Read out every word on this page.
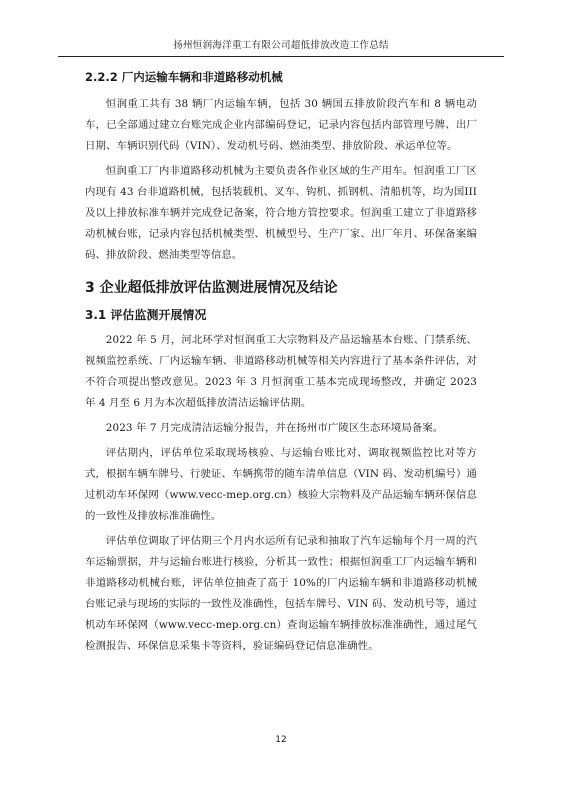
扬州恒润海洋重工有限公司超低排放改造工作总结
2.2.2 厂内运输车辆和非道路移动机械

恒润重工共有 38 辆厂内运输车辆，包括 30 辆国五排放阶段汽车和 8 辆电动车，已全部通过建立台账完成企业内部编码登记，记录内容包括内部管理号牌、出厂日期、车辆识别代码（VIN）、发动机号码、燃油类型、排放阶段、承运单位等。

恒润重工厂内非道路移动机械为主要负责各作业区域的生产用车。恒润重工厂区内现有 43 台非道路机械，包括装载机、叉车、钩机、抓钢机、清船机等，均为国III及以上排放标准车辆并完成登记备案，符合地方管控要求。恒润重工建立了非道路移动机械台账，记录内容包括机械类型、机械型号、生产厂家、出厂年月、环保备案编码、排放阶段、燃油类型等信息。

3 企业超低排放评估监测进展情况及结论
3.1 评估监测开展情况

2022 年 5 月，河北环学对恒润重工大宗物料及产品运输基本台账、门禁系统、视频监控系统、厂内运输车辆、非道路移动机械等相关内容进行了基本条件评估，对不符合项提出整改意见。2023 年 3 月恒润重工基本完成现场整改，并确定 2023 年 4 月至 6 月为本次超低排放清洁运输评估期。

2023 年 7 月完成清洁运输分报告，并在扬州市广陵区生态环境局备案。

评估期内，评估单位采取现场核验、与运输台账比对、调取视频监控比对等方式，根据车辆车牌号、行驶证、车辆携带的随车清单信息（VIN 码、发动机编号）通过机动车环保网（www.vecc-mep.org.cn）核验大宗物料及产品运输车辆环保信息的一致性及排放标准准确性。

评估单位调取了评估期三个月内水运所有记录和抽取了汽车运输每个月一周的汽车运输票据，并与运输台账进行核验，分析其一致性；根据恒润重工厂内运输车辆和非道路移动机械台账，评估单位抽查了高于 10%的厂内运输车辆和非道路移动机械台账记录与现场的实际的一致性及准确性，包括车牌号、VIN 码、发动机号等，通过机动车环保网（www.vecc-mep.org.cn）查询运输车辆排放标准准确性，通过尾气检测报告、环保信息采集卡等资料，验证编码登记信息准确性。

12
